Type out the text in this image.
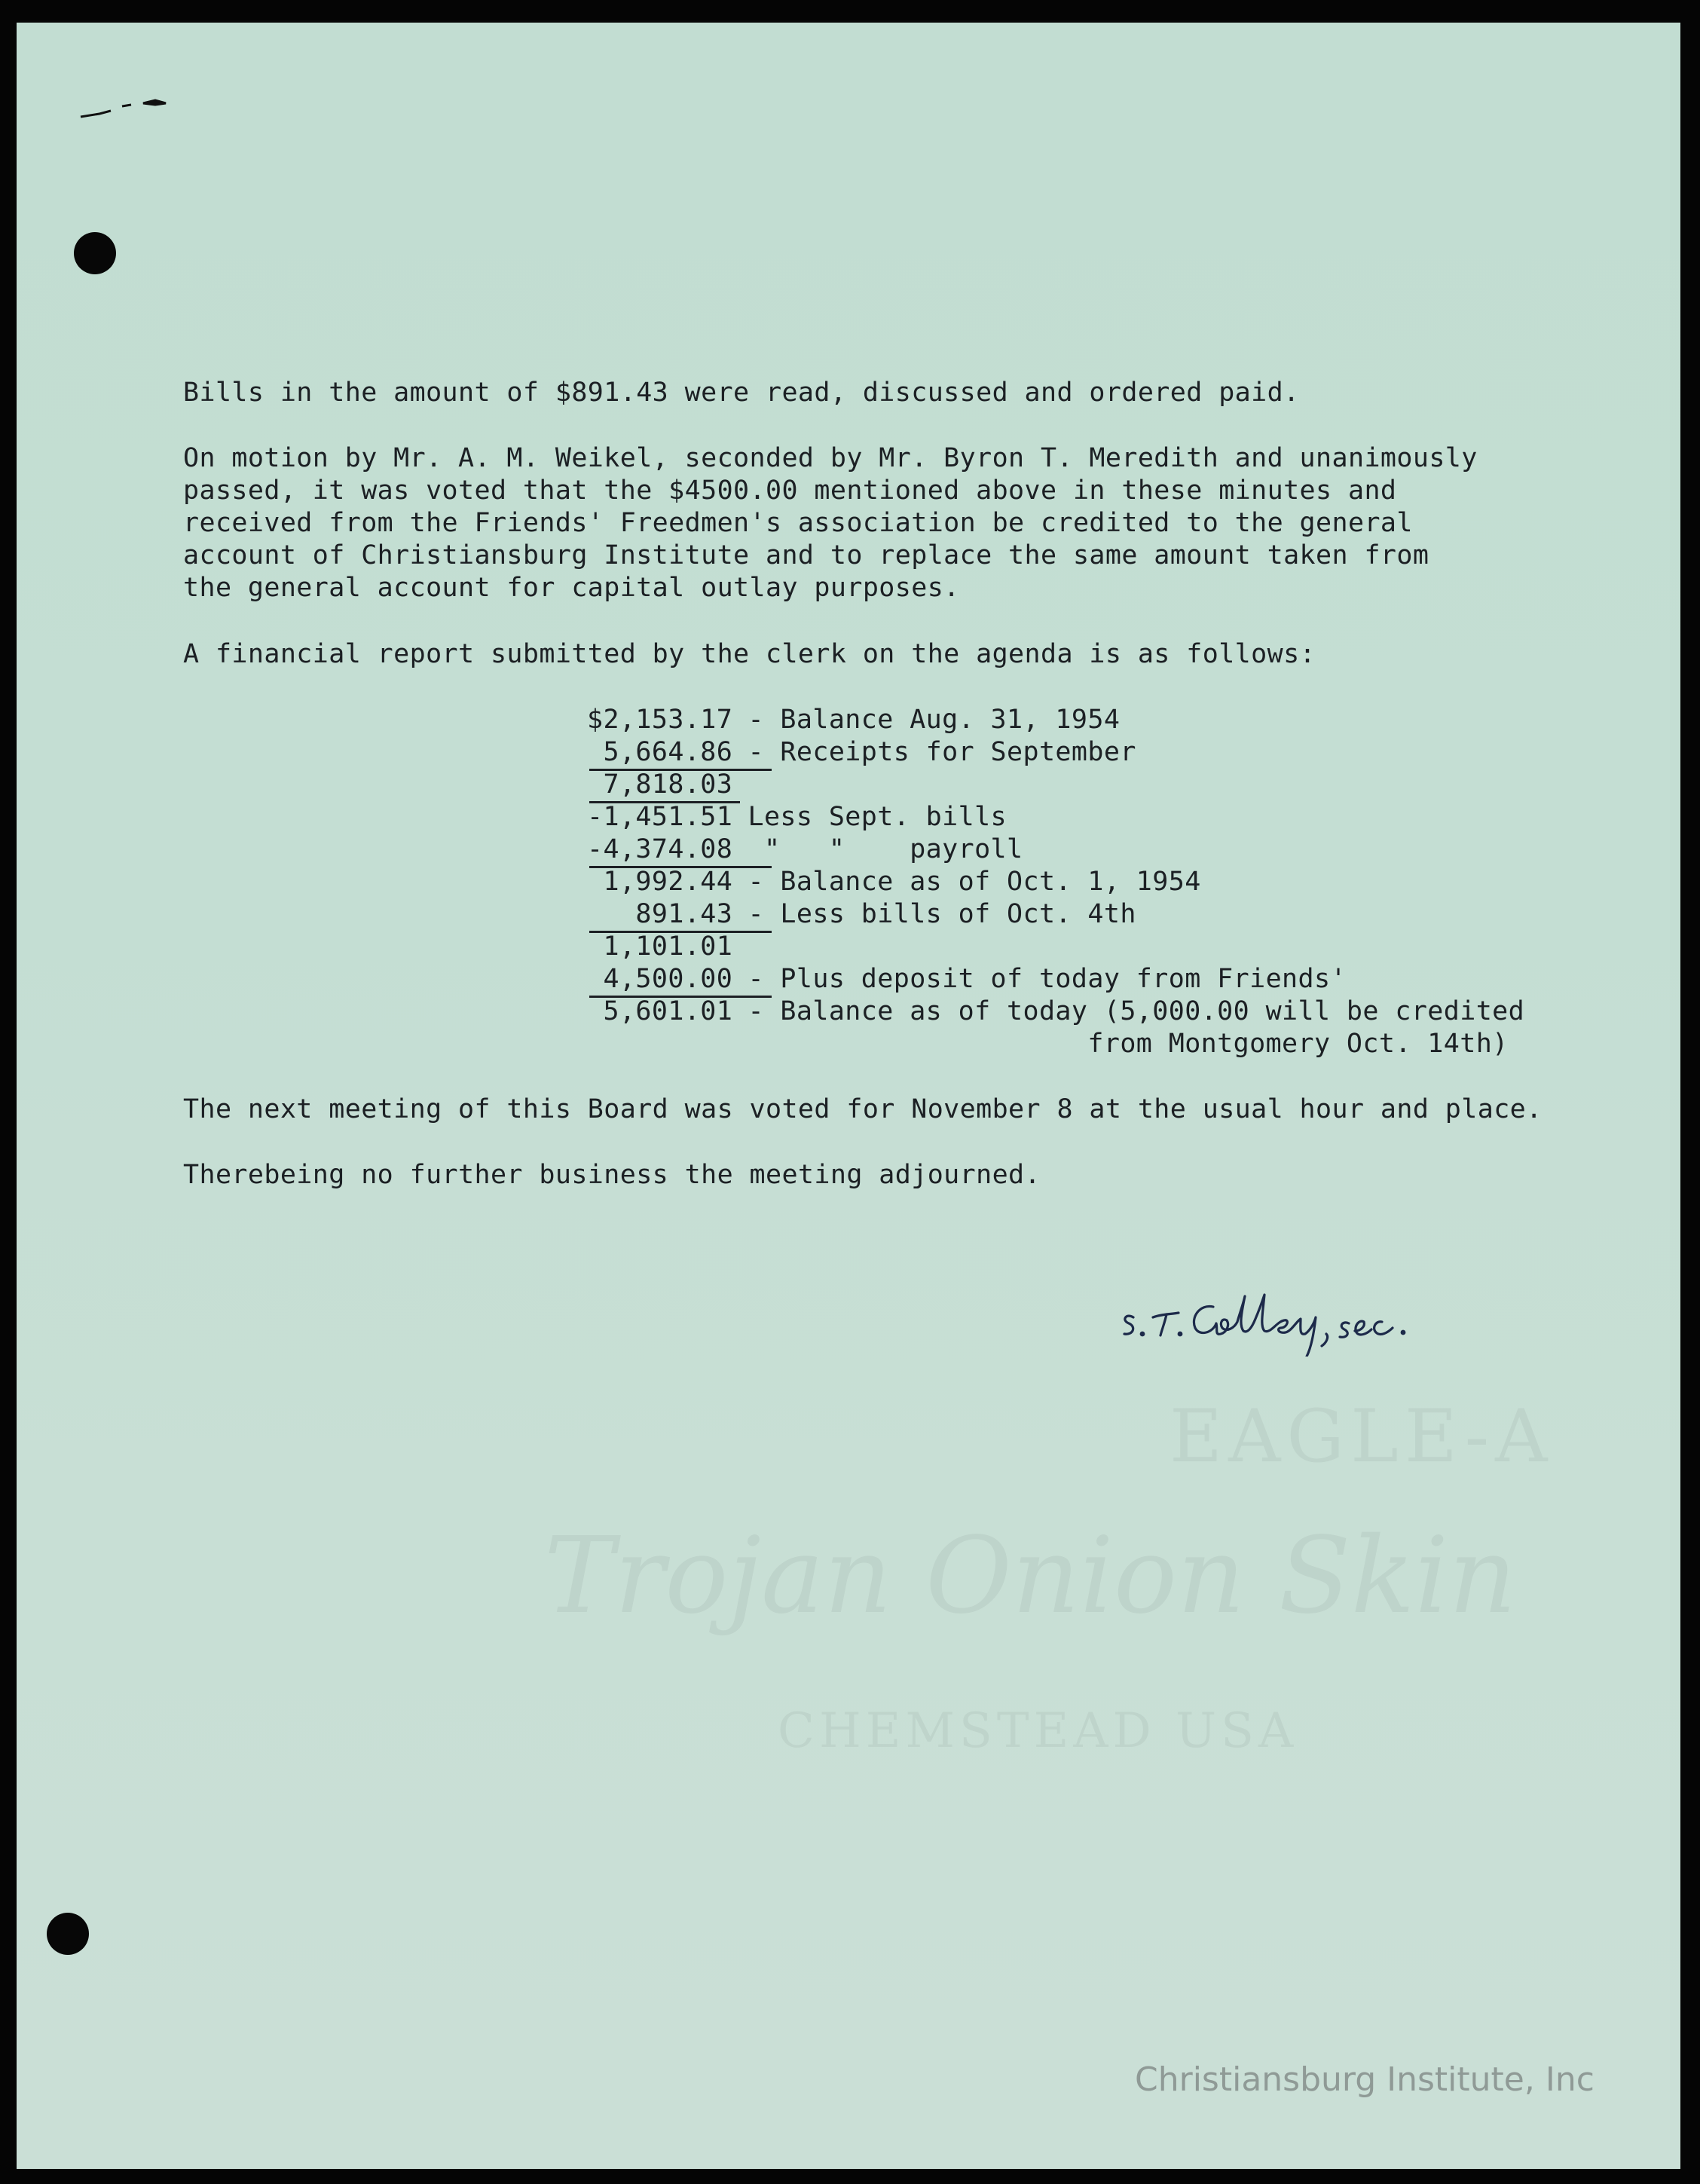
EAGLE-A
Trojan Onion Skin
CHEMSTEAD USA

Bills in the amount of $891.43 were read, discussed and ordered paid.

On motion by Mr. A. M. Weikel, seconded by Mr. Byron T. Meredith and unanimously

passed, it was voted that the $4500.00 mentioned above in these minutes and

received from the Friends' Freedmen's association be credited to the general

account of Christiansburg Institute and to replace the same amount taken from

the general account for capital outlay purposes.

A financial report submitted by the clerk on the agenda is as follows:

$2,153.17

- Balance Aug. 31, 1954

5,664.86

- Receipts for September

7,818.03

-1,451.51

Less Sept. bills

-4,374.08

"   "    payroll

1,992.44

- Balance as of Oct. 1, 1954

891.43

- Less bills of Oct. 4th

1,101.01

4,500.00

- Plus deposit of today from Friends'

5,601.01

- Balance as of today (5,000.00 will be credited

from Montgomery Oct. 14th)

The next meeting of this Board was voted for November 8 at the usual hour and place.

Therebeing no further business the meeting adjourned.

Christiansburg Institute, Inc
